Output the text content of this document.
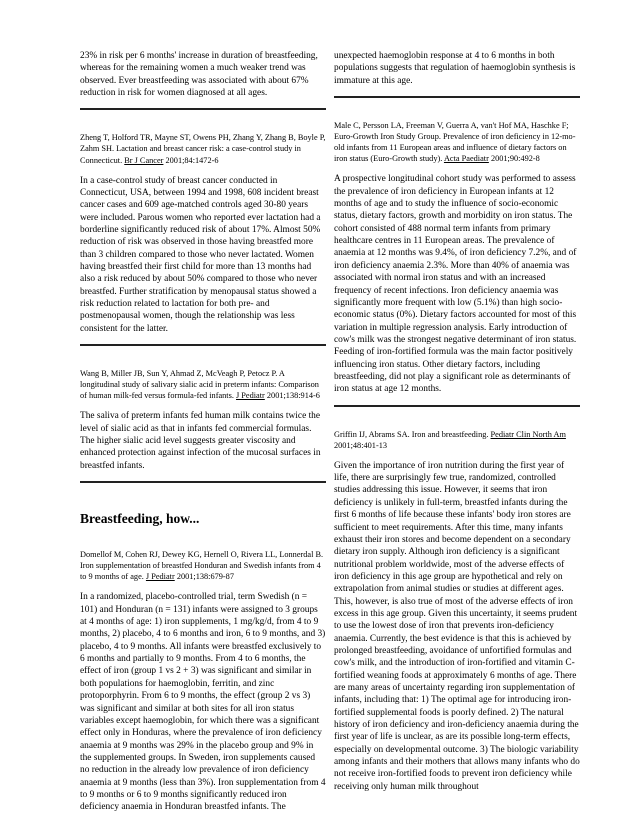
23% in risk per 6 months' increase in duration of breastfeeding, whereas for the remaining women a much weaker trend was observed. Ever breastfeeding was associated with about 67% reduction in risk for women diagnosed at all ages.

Zheng T, Holford TR, Mayne ST, Owens PH, Zhang Y, Zhang B, Boyle P, Zahm SH. Lactation and breast cancer risk: a case-control study in Connecticut. Br J Cancer 2001;84:1472-6

In a case-control study of breast cancer conducted in Connecticut, USA, between 1994 and 1998, 608 incident breast cancer cases and 609 age-matched controls aged 30-80 years were included. Parous women who reported ever lactation had a borderline significantly reduced risk of about 17%. Almost 50% reduction of risk was observed in those having breastfed more than 3 children compared to those who never lactated. Women having breastfed their first child for more than 13 months had also a risk reduced by about 50% compared to those who never breastfed. Further stratification by menopausal status showed a risk reduction related to lactation for both pre- and postmenopausal women, though the relationship was less consistent for the latter.

Wang B, Miller JB, Sun Y, Ahmad Z, McVeagh P, Petocz P. A longitudinal study of salivary sialic acid in preterm infants: Comparison of human milk-fed versus formula-fed infants. J Pediatr 2001;138:914-6

The saliva of preterm infants fed human milk contains twice the level of sialic acid as that in infants fed commercial formulas. The higher sialic acid level suggests greater viscosity and enhanced protection against infection of the mucosal surfaces in breastfed infants.

Breastfeeding, how...

Domellof M, Cohen RJ, Dewey KG, Hernell O, Rivera LL, Lonnerdal B. Iron supplementation of breastfed Honduran and Swedish infants from 4 to 9 months of age. J Pediatr 2001;138:679-87

In a randomized, placebo-controlled trial, term Swedish (n = 101) and Honduran (n = 131) infants were assigned to 3 groups at 4 months of age: 1) iron supplements, 1 mg/kg/d, from 4 to 9 months, 2) placebo, 4 to 6 months and iron, 6 to 9 months, and 3) placebo, 4 to 9 months. All infants were breastfed exclusively to 6 months and partially to 9 months. From 4 to 6 months, the effect of iron (group 1 vs 2 + 3) was significant and similar in both populations for haemoglobin, ferritin, and zinc protoporphyrin. From 6 to 9 months, the effect (group 2 vs 3) was significant and similar at both sites for all iron status variables except haemoglobin, for which there was a significant effect only in Honduras, where the prevalence of iron deficiency anaemia at 9 months was 29% in the placebo group and 9% in the supplemented groups. In Sweden, iron supplements caused no reduction in the already low prevalence of iron deficiency anaemia at 9 months (less than 3%). Iron supplementation from 4 to 9 months or 6 to 9 months significantly reduced iron deficiency anaemia in Honduran breastfed infants. The

unexpected haemoglobin response at 4 to 6 months in both populations suggests that regulation of haemoglobin synthesis is immature at this age.

Male C, Persson LA, Freeman V, Guerra A, van't Hof MA, Haschke F; Euro-Growth Iron Study Group. Prevalence of iron deficiency in 12-mo-old infants from 11 European areas and influence of dietary factors on iron status (Euro-Growth study). Acta Paediatr 2001;90:492-8

A prospective longitudinal cohort study was performed to assess the prevalence of iron deficiency in European infants at 12 months of age and to study the influence of socio-economic status, dietary factors, growth and morbidity on iron status. The cohort consisted of 488 normal term infants from primary healthcare centres in 11 European areas. The prevalence of anaemia at 12 months was 9.4%, of iron deficiency 7.2%, and of iron deficiency anaemia 2.3%. More than 40% of anaemia was associated with normal iron status and with an increased frequency of recent infections. Iron deficiency anaemia was significantly more frequent with low (5.1%) than high socio-economic status (0%). Dietary factors accounted for most of this variation in multiple regression analysis. Early introduction of cow's milk was the strongest negative determinant of iron status. Feeding of iron-fortified formula was the main factor positively influencing iron status. Other dietary factors, including breastfeeding, did not play a significant role as determinants of iron status at age 12 months.

Griffin IJ, Abrams SA. Iron and breastfeeding. Pediatr Clin North Am 2001;48:401-13

Given the importance of iron nutrition during the first year of life, there are surprisingly few true, randomized, controlled studies addressing this issue. However, it seems that iron deficiency is unlikely in full-term, breastfed infants during the first 6 months of life because these infants' body iron stores are sufficient to meet requirements. After this time, many infants exhaust their iron stores and become dependent on a secondary dietary iron supply. Although iron deficiency is a significant nutritional problem worldwide, most of the adverse effects of iron deficiency in this age group are hypothetical and rely on extrapolation from animal studies or studies at different ages. This, however, is also true of most of the adverse effects of iron excess in this age group. Given this uncertainty, it seems prudent to use the lowest dose of iron that prevents iron-deficiency anaemia. Currently, the best evidence is that this is achieved by prolonged breastfeeding, avoidance of unfortified formulas and cow's milk, and the introduction of iron-fortified and vitamin C-fortified weaning foods at approximately 6 months of age. There are many areas of uncertainty regarding iron supplementation of infants, including that: 1) The optimal age for introducing iron-fortified supplemental foods is poorly defined. 2) The natural history of iron deficiency and iron-deficiency anaemia during the first year of life is unclear, as are its possible long-term effects, especially on developmental outcome. 3) The biologic variability among infants and their mothers that allows many infants who do not receive iron-fortified foods to prevent iron deficiency while receiving only human milk throughout
